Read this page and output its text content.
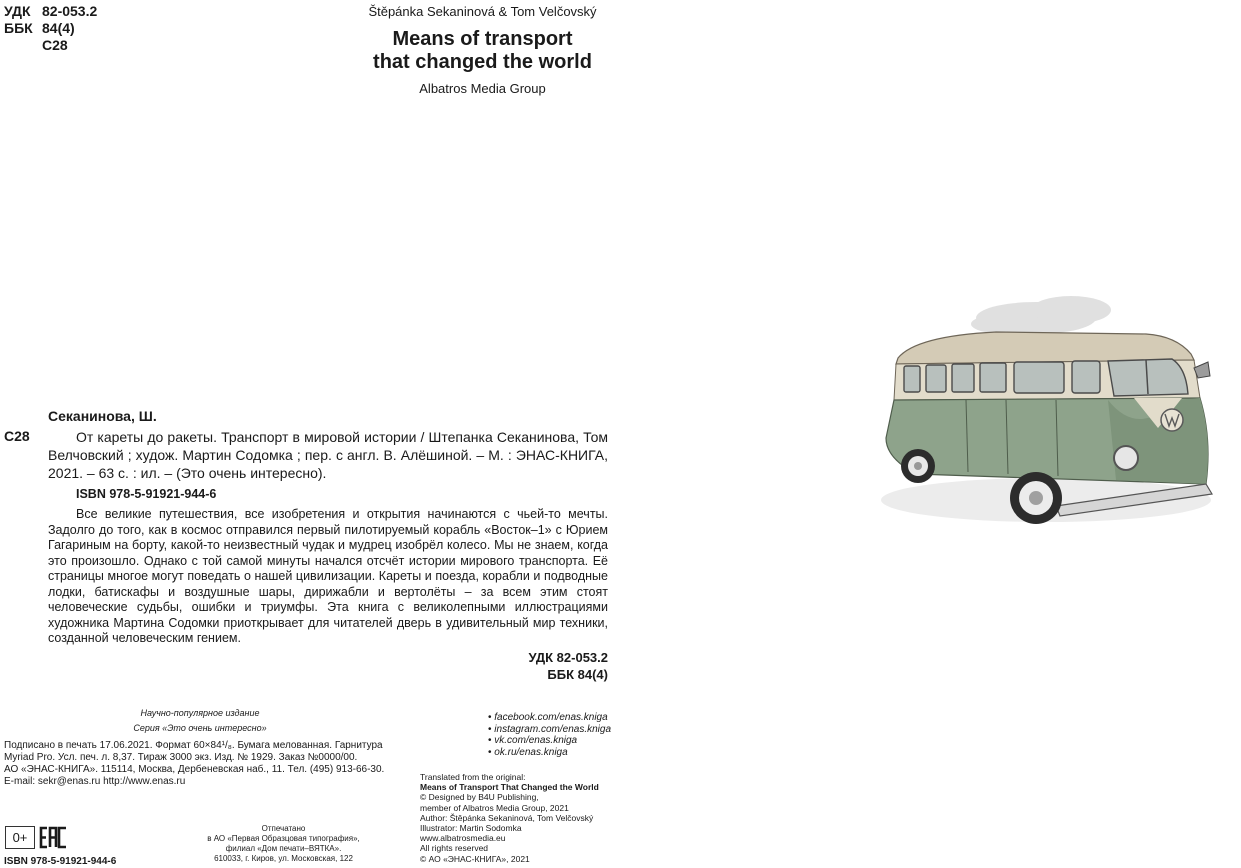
УДК 82-053.2
ББК 84(4)
С28
Štěpánka Sekaninová & Tom Velčovský
Means of transport
that changed the world
Albatros Media Group
Секанинова, Ш.
С28	От кареты до ракеты. Транспорт в мировой истории / Штепанка Секанинова, Том Велчовский ; худож. Мартин Содомка ; пер. с англ. В. Алёшиной. – М. : ЭНАС-КНИГА, 2021. – 63 с. : ил. – (Это очень интересно).
ISBN 978-5-91921-944-6
Все великие путешествия, все изобретения и открытия начинаются с чьей-то мечты. Задолго до того, как в космос отправился первый пилотируемый корабль «Восток–1» с Юрием Гагариным на борту, какой-то неизвестный чудак и мудрец изобрёл колесо. Мы не знаем, когда это произошло. Однако с той самой минуты начался отсчёт истории мирового транспорта. Её страницы многое могут поведать о нашей цивилизации. Кареты и поезда, корабли и подводные лодки, батискафы и воздушные шары, дирижабли и вертолёты – за всем этим стоят человеческие судьбы, ошибки и триумфы. Эта книга с великолепными иллюстрациями художника Мартина Содомки приоткрывает для читателей дверь в удивительный мир техники, созданной человеческим гением.
УДК 82-053.2
ББК 84(4)
Научно-популярное издание
Серия «Это очень интересно»
• facebook.com/enas.kniga
• instagram.com/enas.kniga
• vk.com/enas.kniga
• ok.ru/enas.kniga
Подписано в печать 17.06.2021. Формат 60×84¹/₈. Бумага мелованная. Гарнитура
Myriad Pro. Усл. печ. л. 8,37. Тираж 3000 экз. Изд. № 1929. Заказ №0000/00.
АО «ЭНАС-КНИГА». 115114, Москва, Дербеневская наб., 11. Тел. (495) 913-66-30.
E-mail: sekr@enas.ru http://www.enas.ru	Translated from the original:
Means of Transport That Changed the World
© Designed by B4U Publishing,
member of Albatros Media Group, 2021
Author: Štěpánka Sekaninová, Tom Velčovský
Illustrator: Martin Sodomka
www.albatrosmedia.eu
All rights reserved
© АО «ЭНАС-КНИГА», 2021
Отпечатано
в АО «Первая Образцовая типография»,
филиал «Дом печати–ВЯТКА».
610033, г. Киров, ул. Московская, 122
0+
ISBN 978-5-91921-944-6
